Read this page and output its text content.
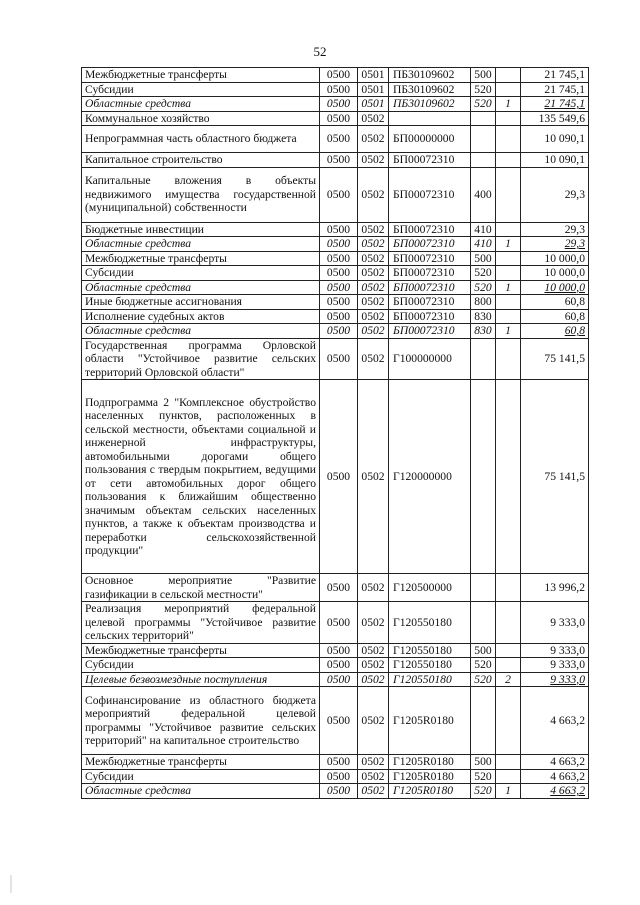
52
Межбюджетные трансферты	0500	0501	ПБ30109602	500		21 745,1
Субсидии	0500	0501	ПБ30109602	520		21 745,1
Областные средства	0500	0501	ПБ30109602	520	1	21 745,1
Коммунальное хозяйство	0500	0502				135 549,6
Непрограммная часть областного бюджета	0500	0502	БП00000000			10 090,1
Капитальное строительство	0500	0502	БП00072310			10 090,1
Капитальные вложения в объекты недвижимого имущества государственной (муниципальной) собственности	0500	0502	БП00072310	400		29,3
Бюджетные инвестиции	0500	0502	БП00072310	410		29,3
Областные средства	0500	0502	БП00072310	410	1	29,3
Межбюджетные трансферты	0500	0502	БП00072310	500		10 000,0
Субсидии	0500	0502	БП00072310	520		10 000,0
Областные средства	0500	0502	БП00072310	520	1	10 000,0
Иные бюджетные ассигнования	0500	0502	БП00072310	800		60,8
Исполнение судебных актов	0500	0502	БП00072310	830		60,8
Областные средства	0500	0502	БП00072310	830	1	60,8
Государственная программа Орловской области "Устойчивое развитие сельских территорий Орловской области"	0500	0502	Г100000000			75 141,5
Подпрограмма 2 "Комплексное обустройство населенных пунктов, расположенных в сельской местности, объектами социальной и инженерной инфраструктуры, автомобильными дорогами общего пользования с твердым покрытием, ведущими от сети автомобильных дорог общего пользования к ближайшим общественно значимым объектам сельских населенных пунктов, а также к объектам производства и переработки сельскохозяйственной продукции"	0500	0502	Г120000000			75 141,5
Основное мероприятие "Развитие газификации в сельской местности"	0500	0502	Г120500000			13 996,2
Реализация мероприятий федеральной целевой программы "Устойчивое развитие сельских территорий"	0500	0502	Г120550180			9 333,0
Межбюджетные трансферты	0500	0502	Г120550180	500		9 333,0
Субсидии	0500	0502	Г120550180	520		9 333,0
Целевые безвозмездные поступления	0500	0502	Г120550180	520	2	9 333,0
Софинансирование из областного бюджета мероприятий федеральной целевой программы "Устойчивое развитие сельских территорий" на капитальное строительство	0500	0502	Г1205R0180			4 663,2
Межбюджетные трансферты	0500	0502	Г1205R0180	500		4 663,2
Субсидии	0500	0502	Г1205R0180	520		4 663,2
Областные средства	0500	0502	Г1205R0180	520	1	4 663,2
